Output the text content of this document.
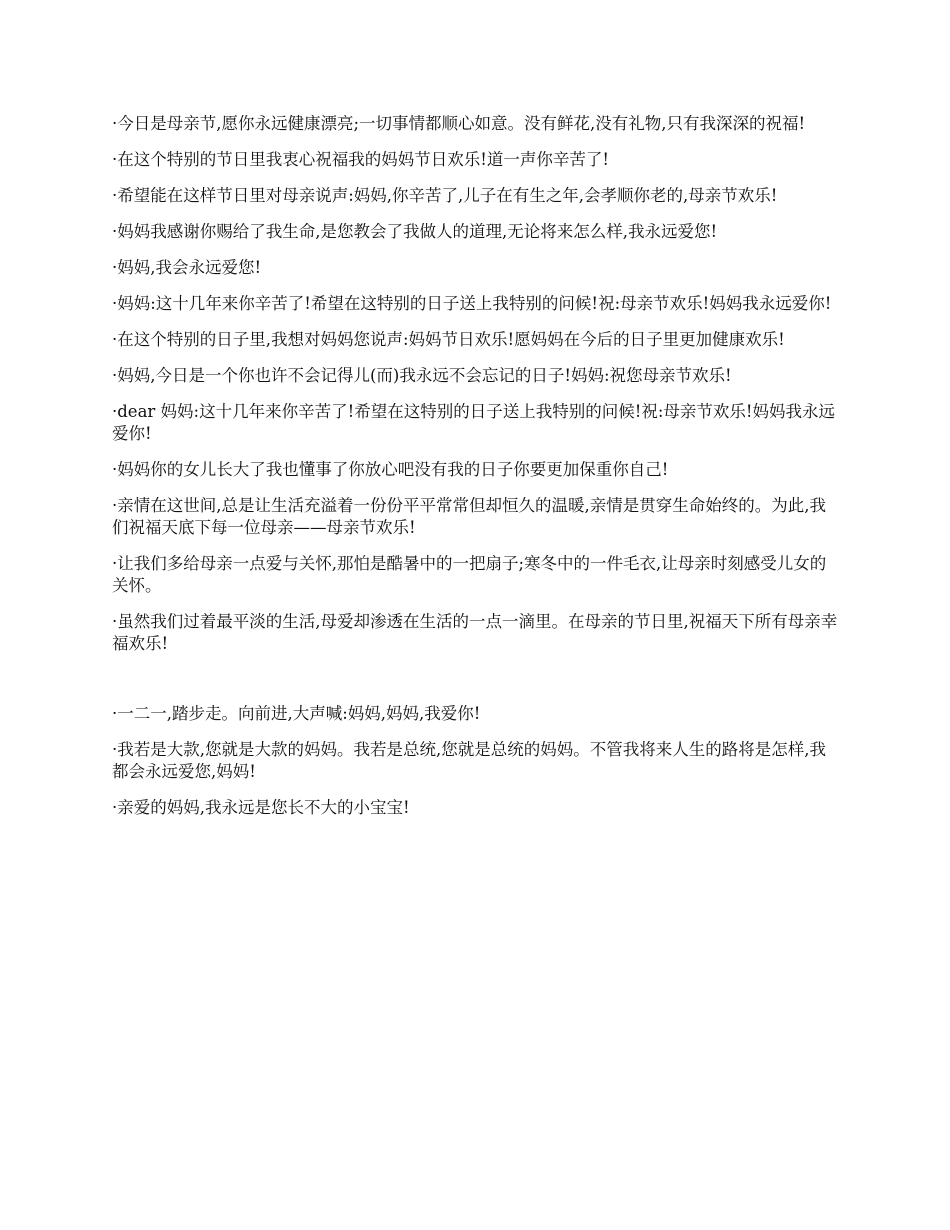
·今日是母亲节,愿你永远健康漂亮;一切事情都顺心如意。没有鲜花,没有礼物,只有我深深的祝福!

·在这个特别的节日里我衷心祝福我的妈妈节日欢乐!道一声你辛苦了!

·希望能在这样节日里对母亲说声:妈妈,你辛苦了,儿子在有生之年,会孝顺你老的,母亲节欢乐!

·妈妈我感谢你赐给了我生命,是您教会了我做人的道理,无论将来怎么样,我永远爱您!

·妈妈,我会永远爱您!

·妈妈:这十几年来你辛苦了!希望在这特别的日子送上我特别的问候!祝:母亲节欢乐!妈妈我永远爱你!

·在这个特别的日子里,我想对妈妈您说声:妈妈节日欢乐!愿妈妈在今后的日子里更加健康欢乐!

·妈妈,今日是一个你也许不会记得儿(而)我永远不会忘记的日子!妈妈:祝您母亲节欢乐!

·dear 妈妈:这十几年来你辛苦了!希望在这特别的日子送上我特别的问候!祝:母亲节欢乐!妈妈我永远爱你!

·妈妈你的女儿长大了我也懂事了你放心吧没有我的日子你要更加保重你自己!

·亲情在这世间,总是让生活充溢着一份份平平常常但却恒久的温暖,亲情是贯穿生命始终的。为此,我们祝福天底下每一位母亲——母亲节欢乐!

·让我们多给母亲一点爱与关怀,那怕是酷暑中的一把扇子;寒冬中的一件毛衣,让母亲时刻感受儿女的关怀。

·虽然我们过着最平淡的生活,母爱却渗透在生活的一点一滴里。在母亲的节日里,祝福天下所有母亲幸福欢乐!

·一二一,踏步走。向前进,大声喊:妈妈,妈妈,我爱你!

·我若是大款,您就是大款的妈妈。我若是总统,您就是总统的妈妈。不管我将来人生的路将是怎样,我都会永远爱您,妈妈!

·亲爱的妈妈,我永远是您长不大的小宝宝!
